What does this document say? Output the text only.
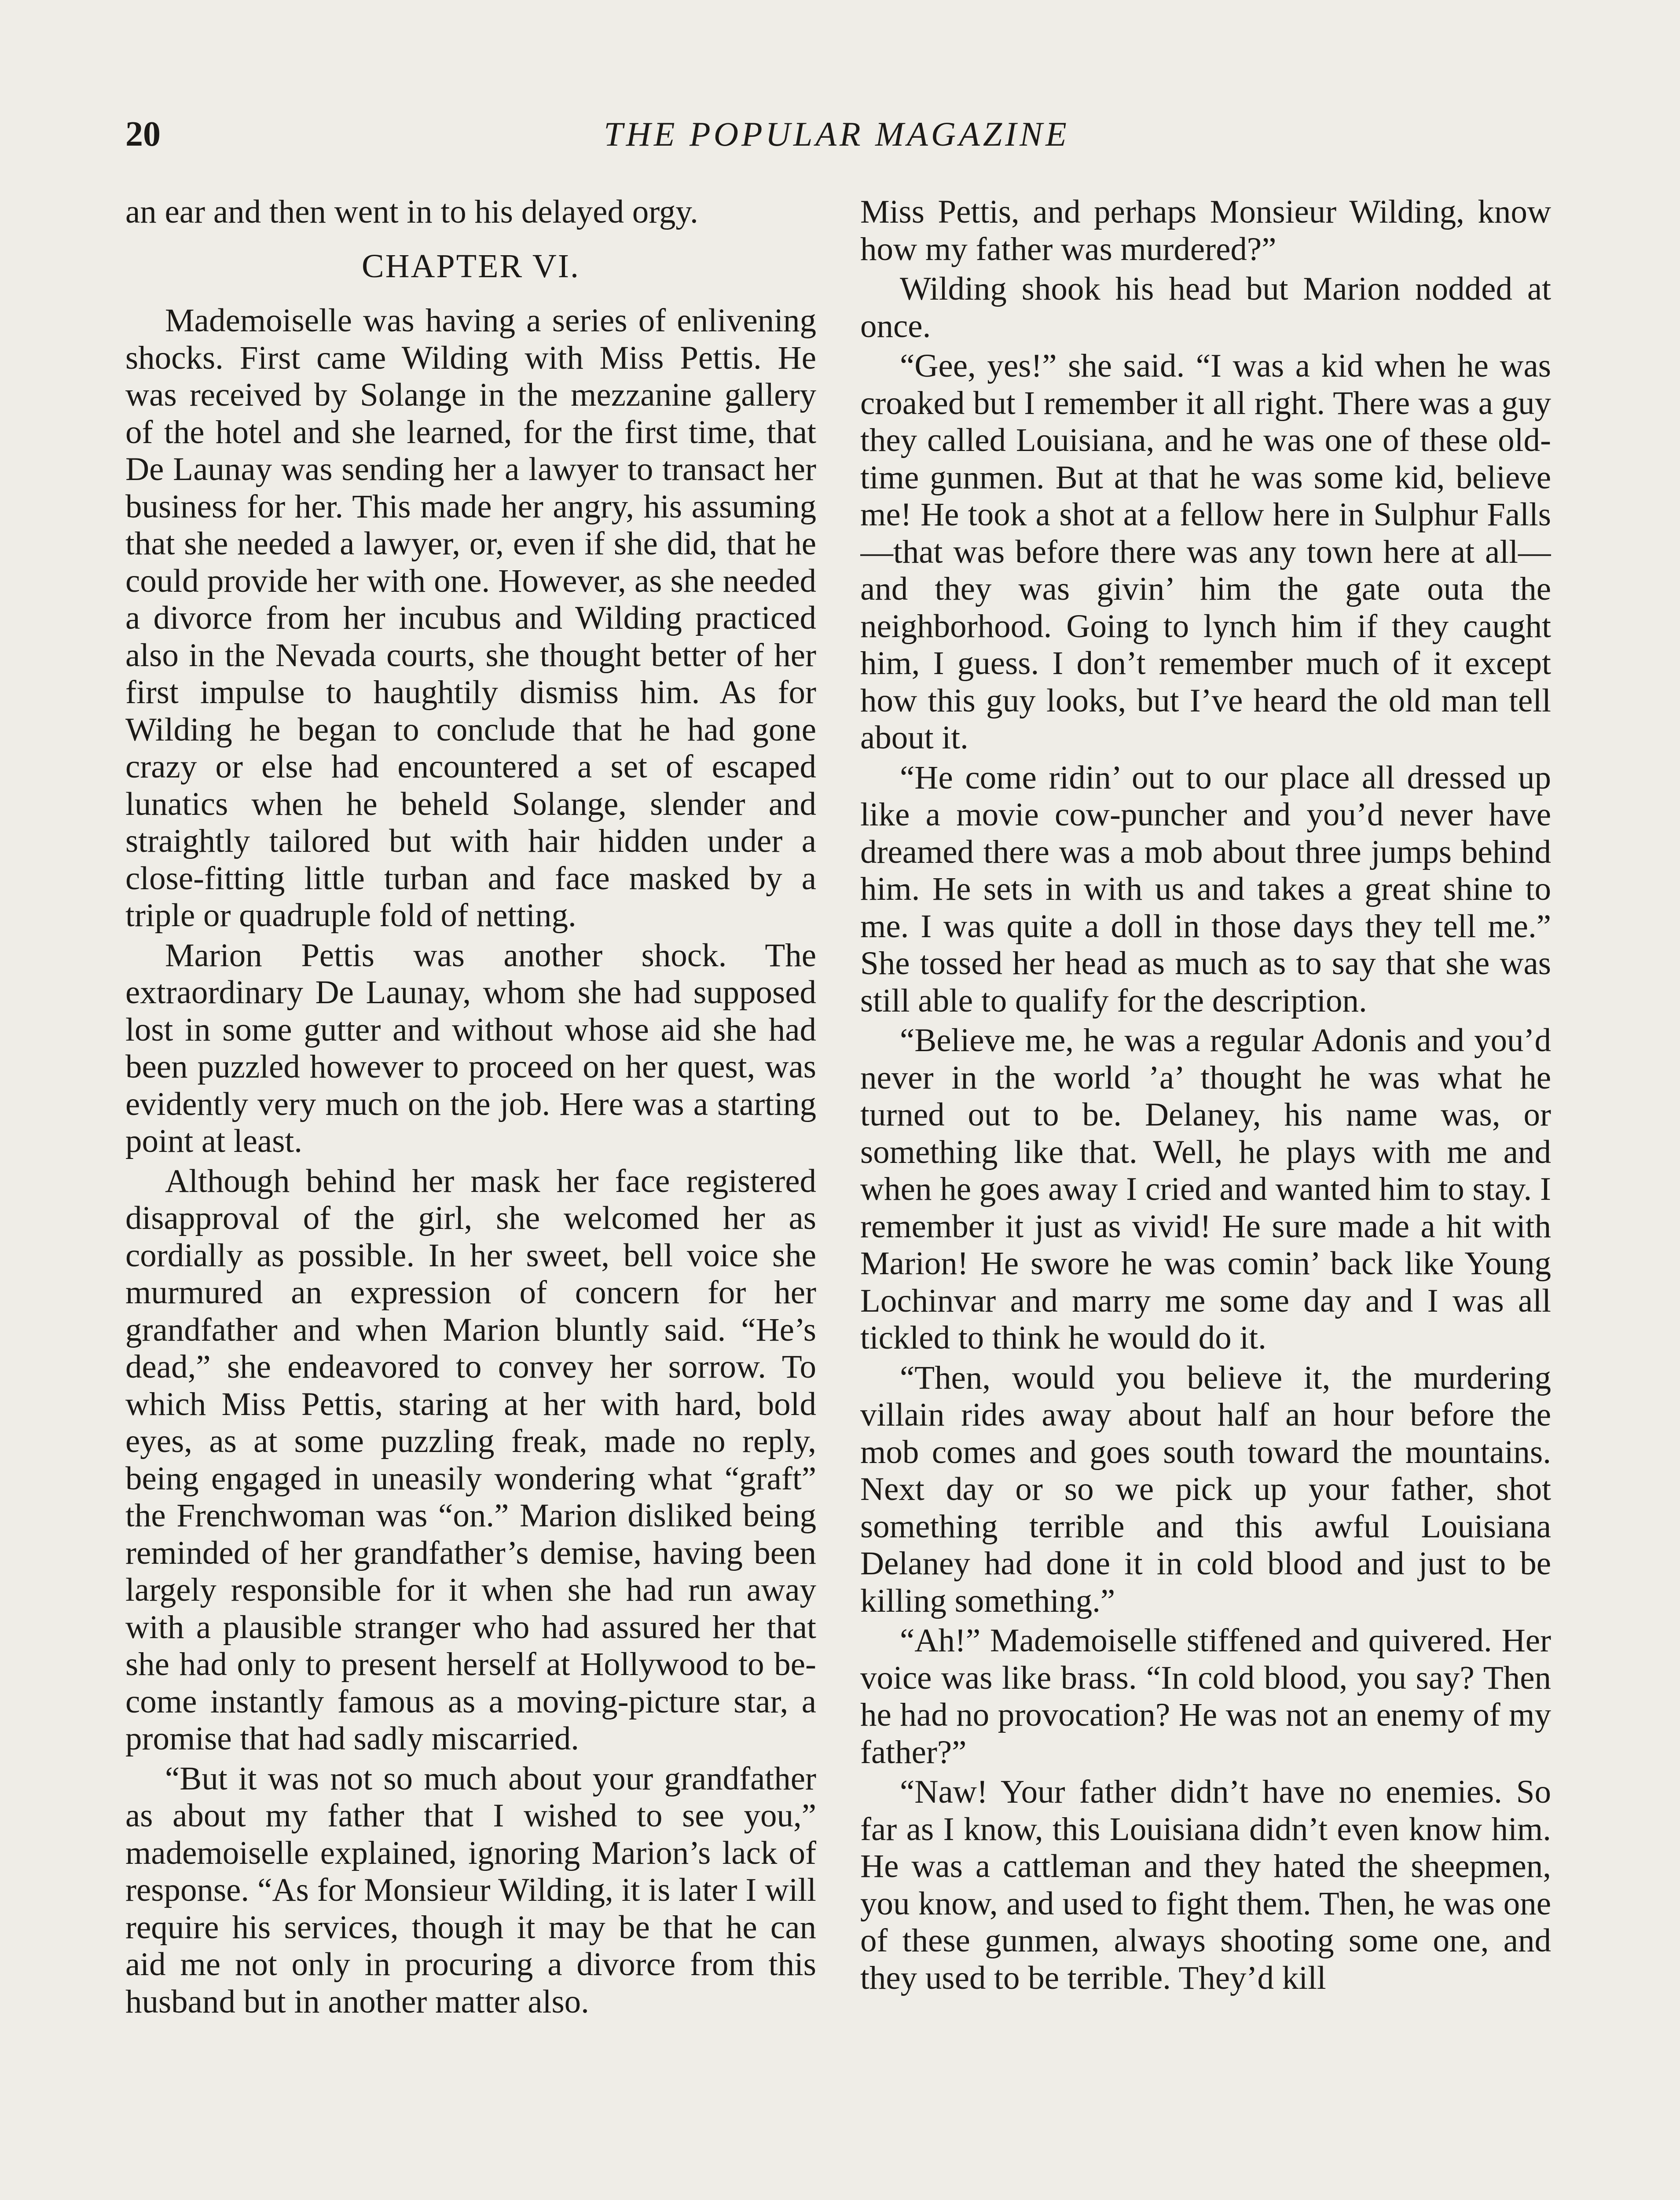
20	THE POPULAR MAGAZINE

an ear and then went in to his delayed orgy.

CHAPTER VI.

Mademoiselle was having a series of enlivening shocks. First came Wilding with Miss Pettis. He was received by Solange in the mezzanine gallery of the hotel and she learned, for the first time, that De Launay was sending her a lawyer to transact her business for her. This made her angry, his assuming that she needed a lawyer, or, even if she did, that he could provide her with one. However, as she needed a divorce from her incubus and Wilding practiced also in the Nevada courts, she thought better of her first impulse to haughtily dismiss him. As for Wilding he began to conclude that he had gone crazy or else had encountered a set of escaped lunatics when he beheld Solange, slender and straightly tailored but with hair hidden under a close-fitting little turban and face masked by a triple or quadruple fold of netting.

Marion Pettis was another shock. The extraordinary De Launay, whom she had supposed lost in some gutter and without whose aid she had been puzzled however to proceed on her quest, was evidently very much on the job. Here was a starting point at least.

Although behind her mask her face registered disapproval of the girl, she welcomed her as cordially as possible. In her sweet, bell voice she murmured an expression of concern for her grandfather and when Marion bluntly said. “He’s dead,” she endeavored to convey her sorrow. To which Miss Pettis, staring at her with hard, bold eyes, as at some puzzling freak, made no reply, being engaged in uneasily wondering what “graft” the Frenchwoman was “on.” Marion disliked being reminded of her grandfather’s demise, having been largely responsible for it when she had run away with a plausible stranger who had assured her that she had only to present herself at Hollywood to become instantly famous as a moving-picture star, a promise that had sadly miscarried.

“But it was not so much about your grandfather as about my father that I wished to see you,” mademoiselle explained, ignoring Marion’s lack of response. “As for Monsieur Wilding, it is later I will require his services, though it may be that he can aid me not only in procuring a divorce from this husband but in another matter also.

Miss Pettis, and perhaps Monsieur Wilding, know how my father was murdered?”

Wilding shook his head but Marion nodded at once.

“Gee, yes!” she said. “I was a kid when he was croaked but I remember it all right. There was a guy they called Louisiana, and he was one of these old-time gunmen. But at that he was some kid, believe me! He took a shot at a fellow here in Sulphur Falls —that was before there was any town here at all—and they was givin’ him the gate outa the neighborhood. Going to lynch him if they caught him, I guess. I don’t remember much of it except how this guy looks, but I’ve heard the old man tell about it.

“He come ridin’ out to our place all dressed up like a movie cow-puncher and you’d never have dreamed there was a mob about three jumps behind him. He sets in with us and takes a great shine to me. I was quite a doll in those days they tell me.” She tossed her head as much as to say that she was still able to qualify for the description.

“Believe me, he was a regular Adonis and you’d never in the world ’a’ thought he was what he turned out to be. Delaney, his name was, or something like that. Well, he plays with me and when he goes away I cried and wanted him to stay. I remember it just as vivid! He sure made a hit with Marion! He swore he was comin’ back like Young Lochinvar and marry me some day and I was all tickled to think he would do it.

“Then, would you believe it, the murdering villain rides away about half an hour before the mob comes and goes south toward the mountains. Next day or so we pick up your father, shot something terrible and this awful Louisiana Delaney had done it in cold blood and just to be killing something.”

“Ah!” Mademoiselle stiffened and quivered. Her voice was like brass. “In cold blood, you say? Then he had no provocation? He was not an enemy of my father?”

“Naw! Your father didn’t have no enemies. So far as I know, this Louisiana didn’t even know him. He was a cattleman and they hated the sheepmen, you know, and used to fight them. Then, he was one of these gunmen, always shooting some one, and they used to be terrible. They’d kill
